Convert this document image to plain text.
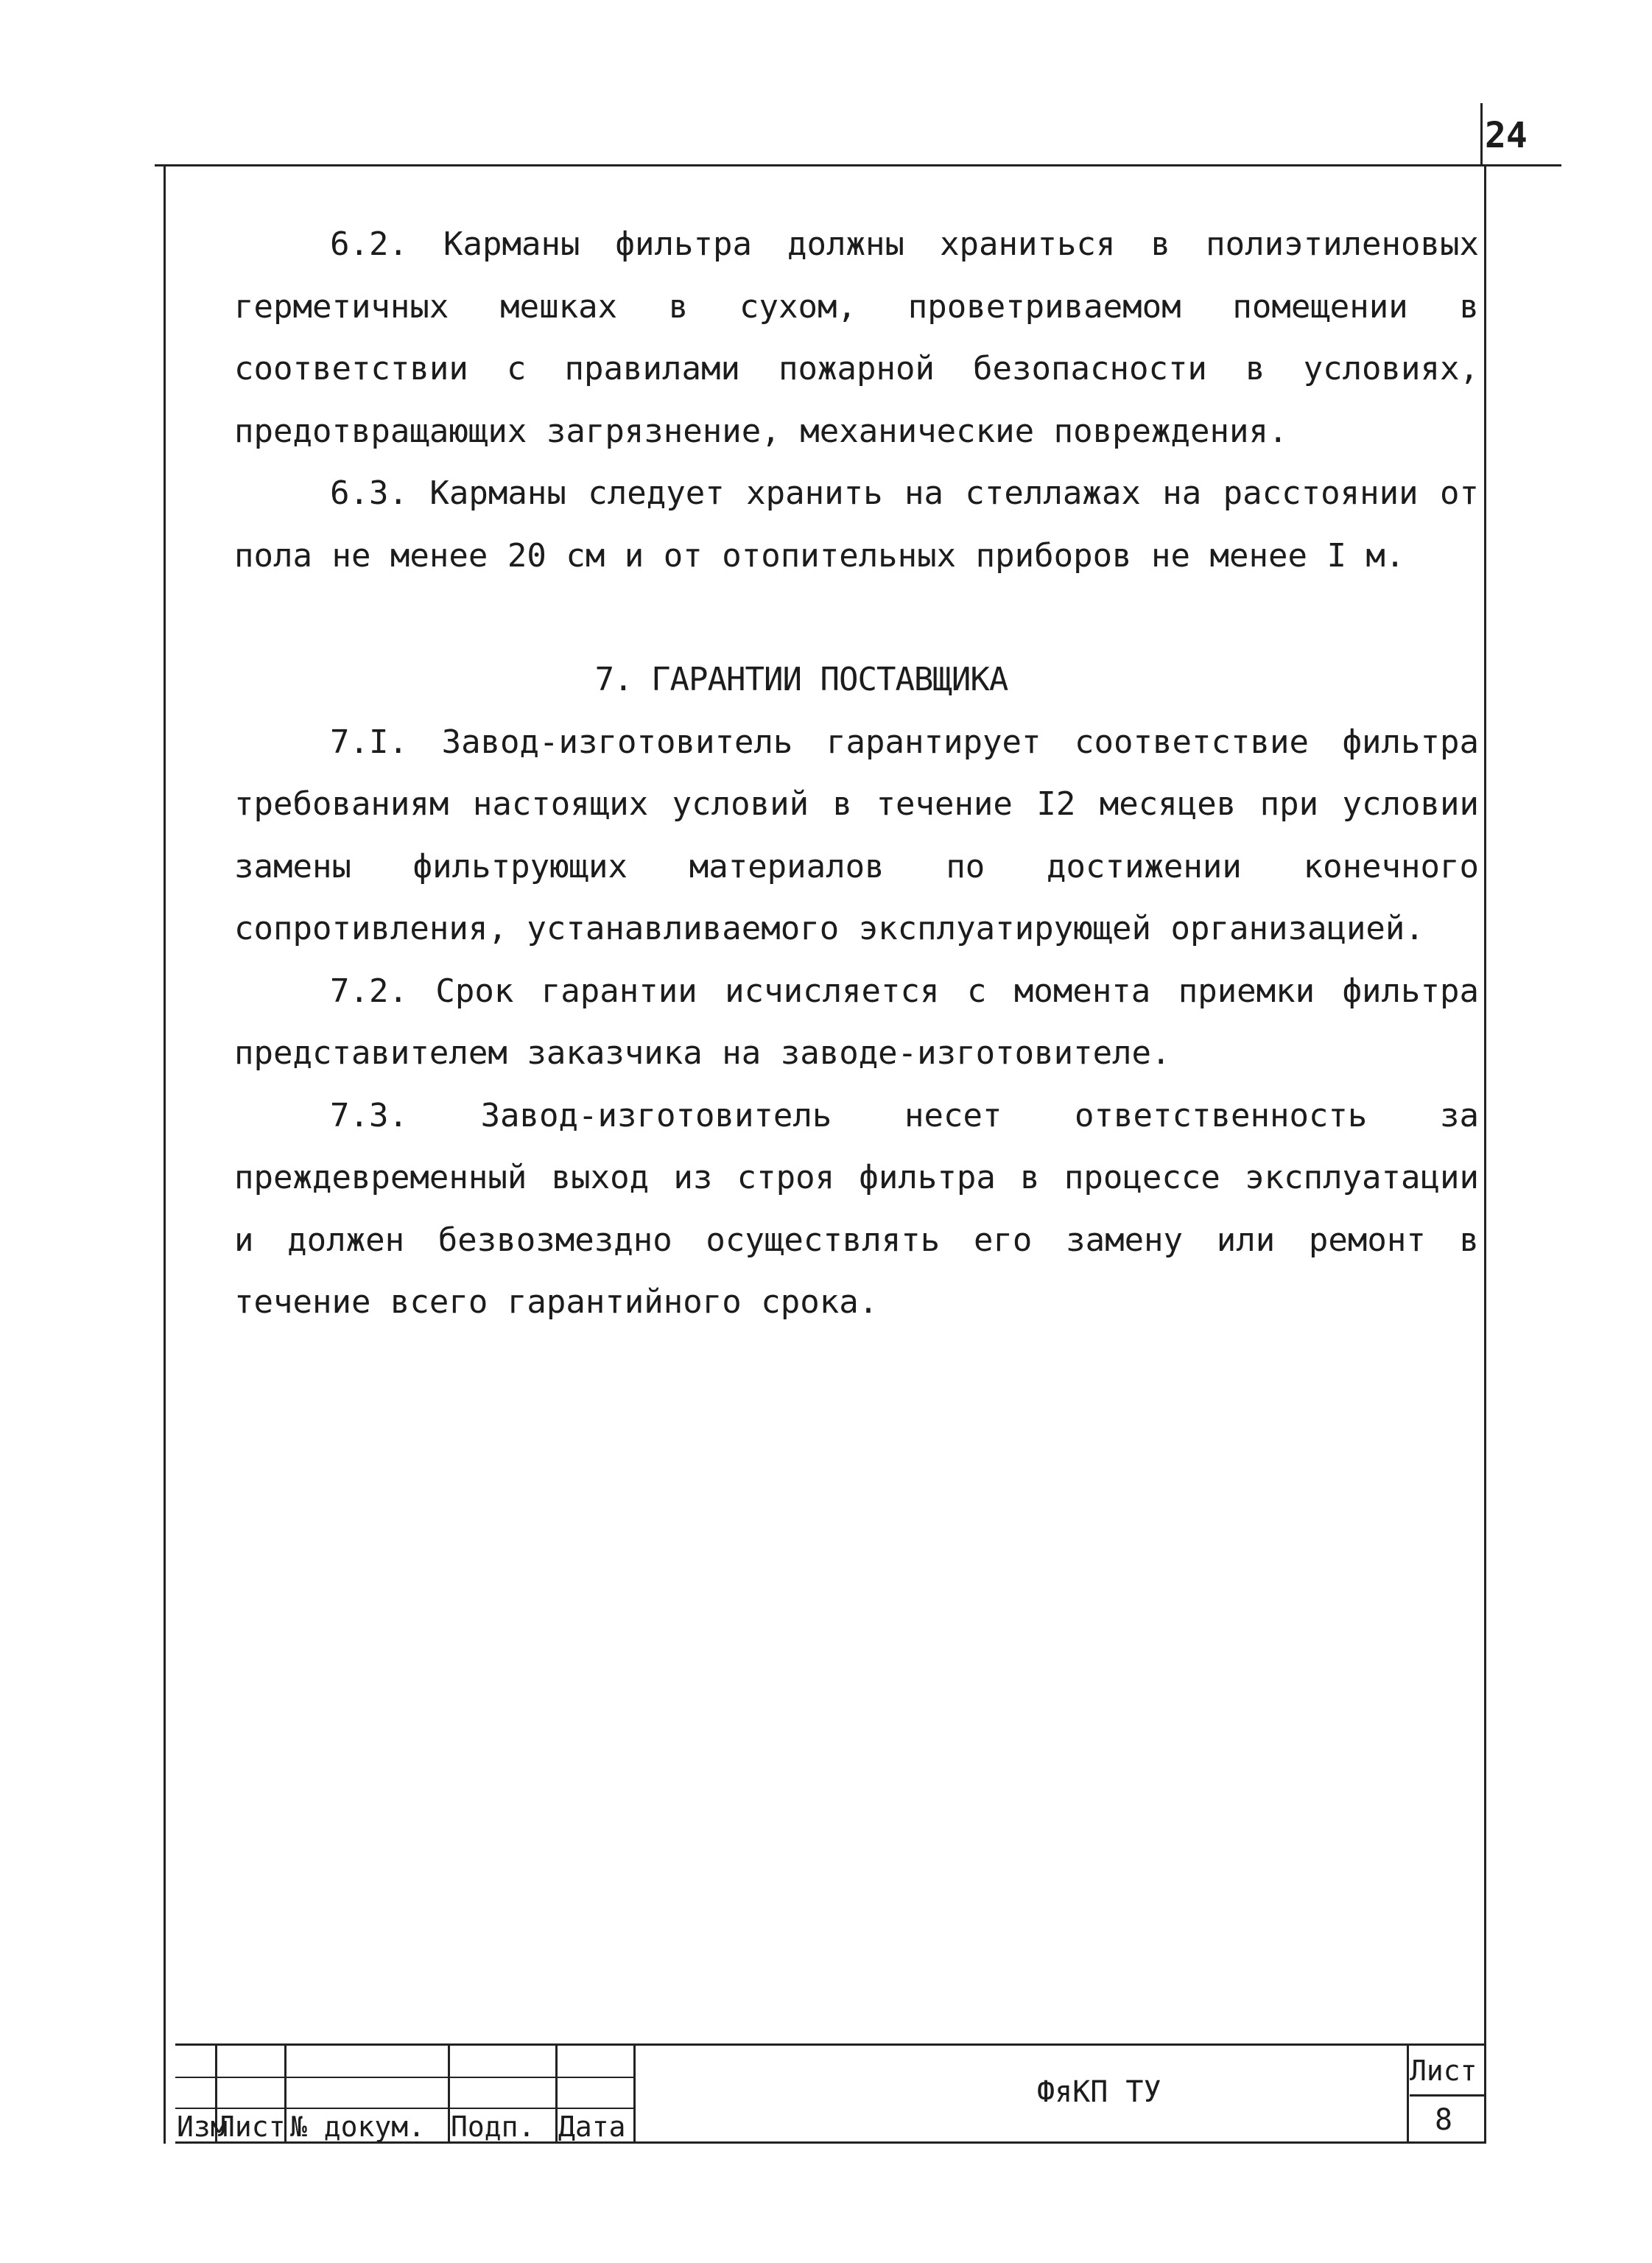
24

6.2. Карманы фильтра должны храниться в полиэтиленовых герметичных мешках в сухом, проветриваемом помещении в соответствии с правилами пожарной безопасности в условиях, предотвращающих загрязнение, механические повреждения.

6.3. Карманы следует хранить на стеллажах на расстоянии от пола не менее 20 см и от отопительных приборов не менее I м.

7. ГАРАНТИИ ПОСТАВЩИКА

7.I. Завод-изготовитель гарантирует соответствие фильтра требованиям настоящих условий в течение I2 месяцев при условии замены фильтрующих материалов по достижении конечного сопротивления, устанавливаемого эксплуатирующей организацией.

7.2. Срок гарантии исчисляется с момента приемки фильтра представителем заказчика на заводе-изготовителе.

7.3. Завод-изготовитель несет ответственность за преждевременный выход из строя фильтра в процессе эксплуатации и должен безвозмездно осуществлять его замену или ремонт в течение всего гарантийного срока.

Изм
Лист № докум. Подп. Дата
ФяКП ТУ
Лист
8
